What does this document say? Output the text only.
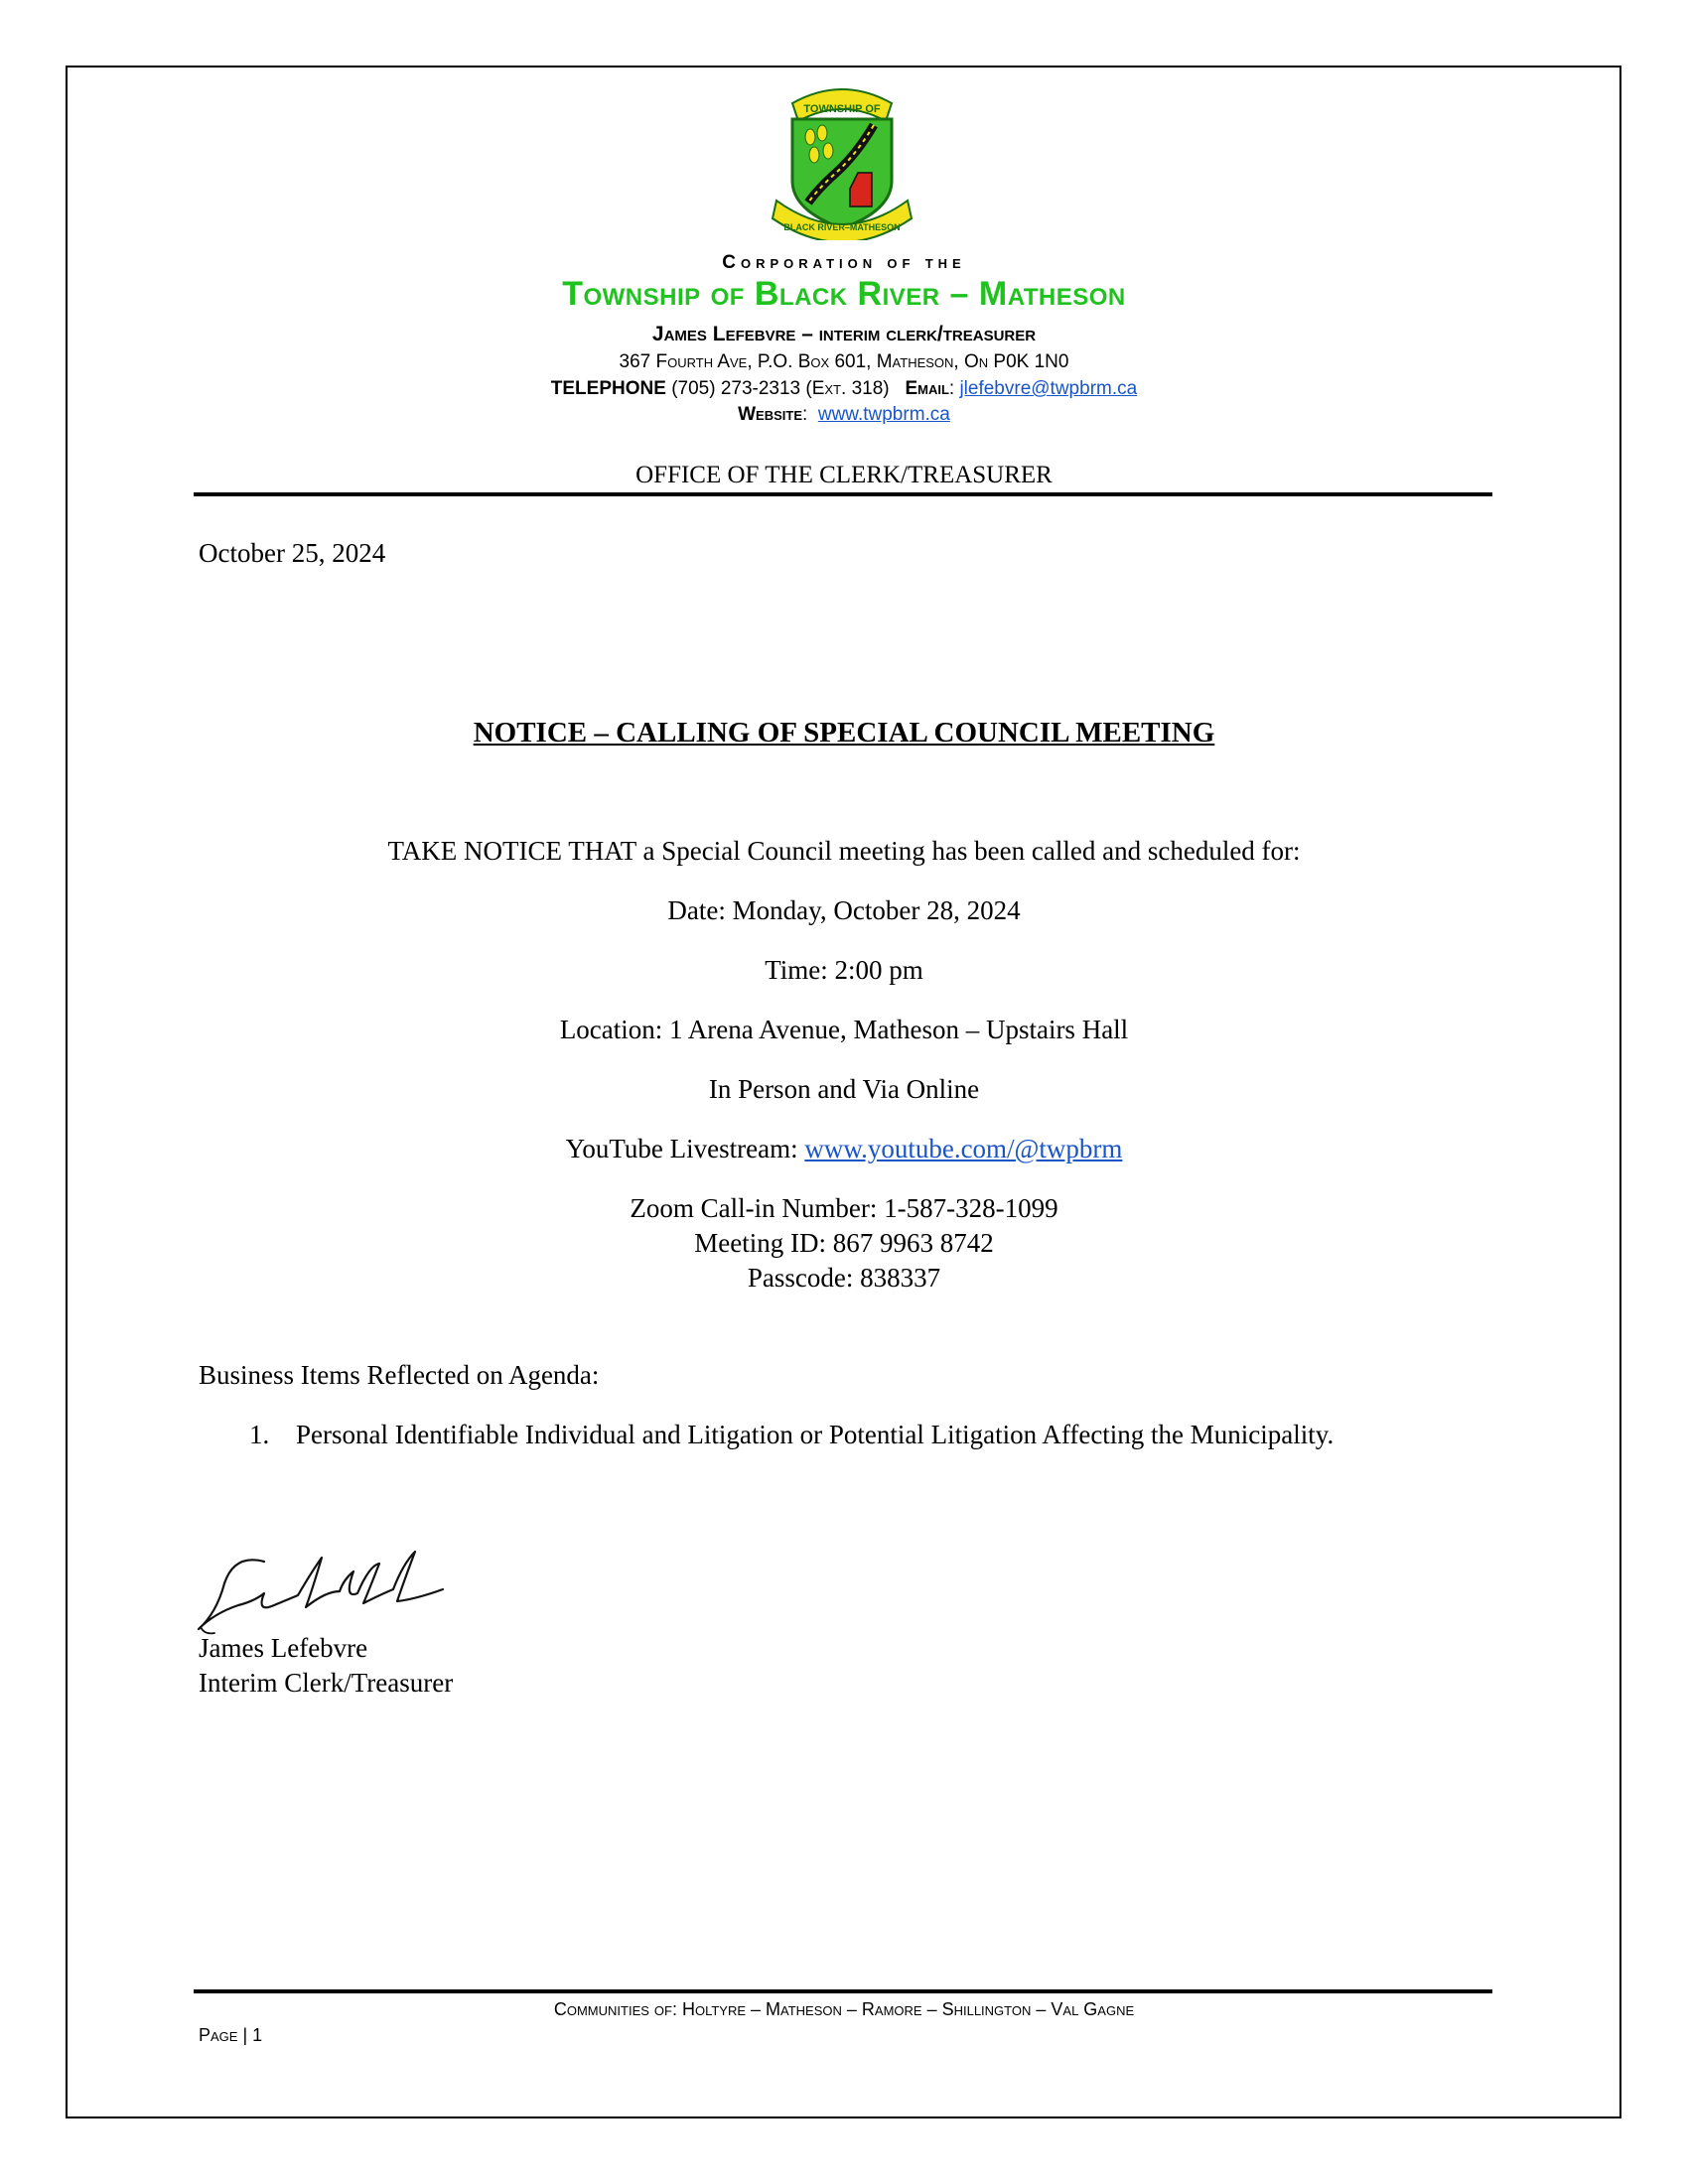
TOWNSHIP OF
BLACK RIVER–MATHESON
Corporation of the
Township of Black River – Matheson
James Lefebvre – interim clerk/treasurer
367 Fourth Ave, P.O. Box 601, Matheson, On P0K 1N0
TELEPHONE (705) 273-2313 (Ext. 318) Email: jlefebvre@twpbrm.ca
Website:  www.twpbrm.ca
OFFICE OF THE CLERK/TREASURER
October 25, 2024
NOTICE – CALLING OF SPECIAL COUNCIL MEETING
TAKE NOTICE THAT a Special Council meeting has been called and scheduled for:
Date: Monday, October 28, 2024
Time: 2:00 pm
Location: 1 Arena Avenue, Matheson – Upstairs Hall
In Person and Via Online
YouTube Livestream: www.youtube.com/@twpbrm
Zoom Call-in Number: 1-587-328-1099
Meeting ID: 867 9963 8742
Passcode: 838337
Business Items Reflected on Agenda:
1. Personal Identifiable Individual and Litigation or Potential Litigation Affecting the Municipality.
James Lefebvre
Interim Clerk/Treasurer
Communities of: Holtyre – Matheson – Ramore – Shillington – Val Gagne
Page | 1
